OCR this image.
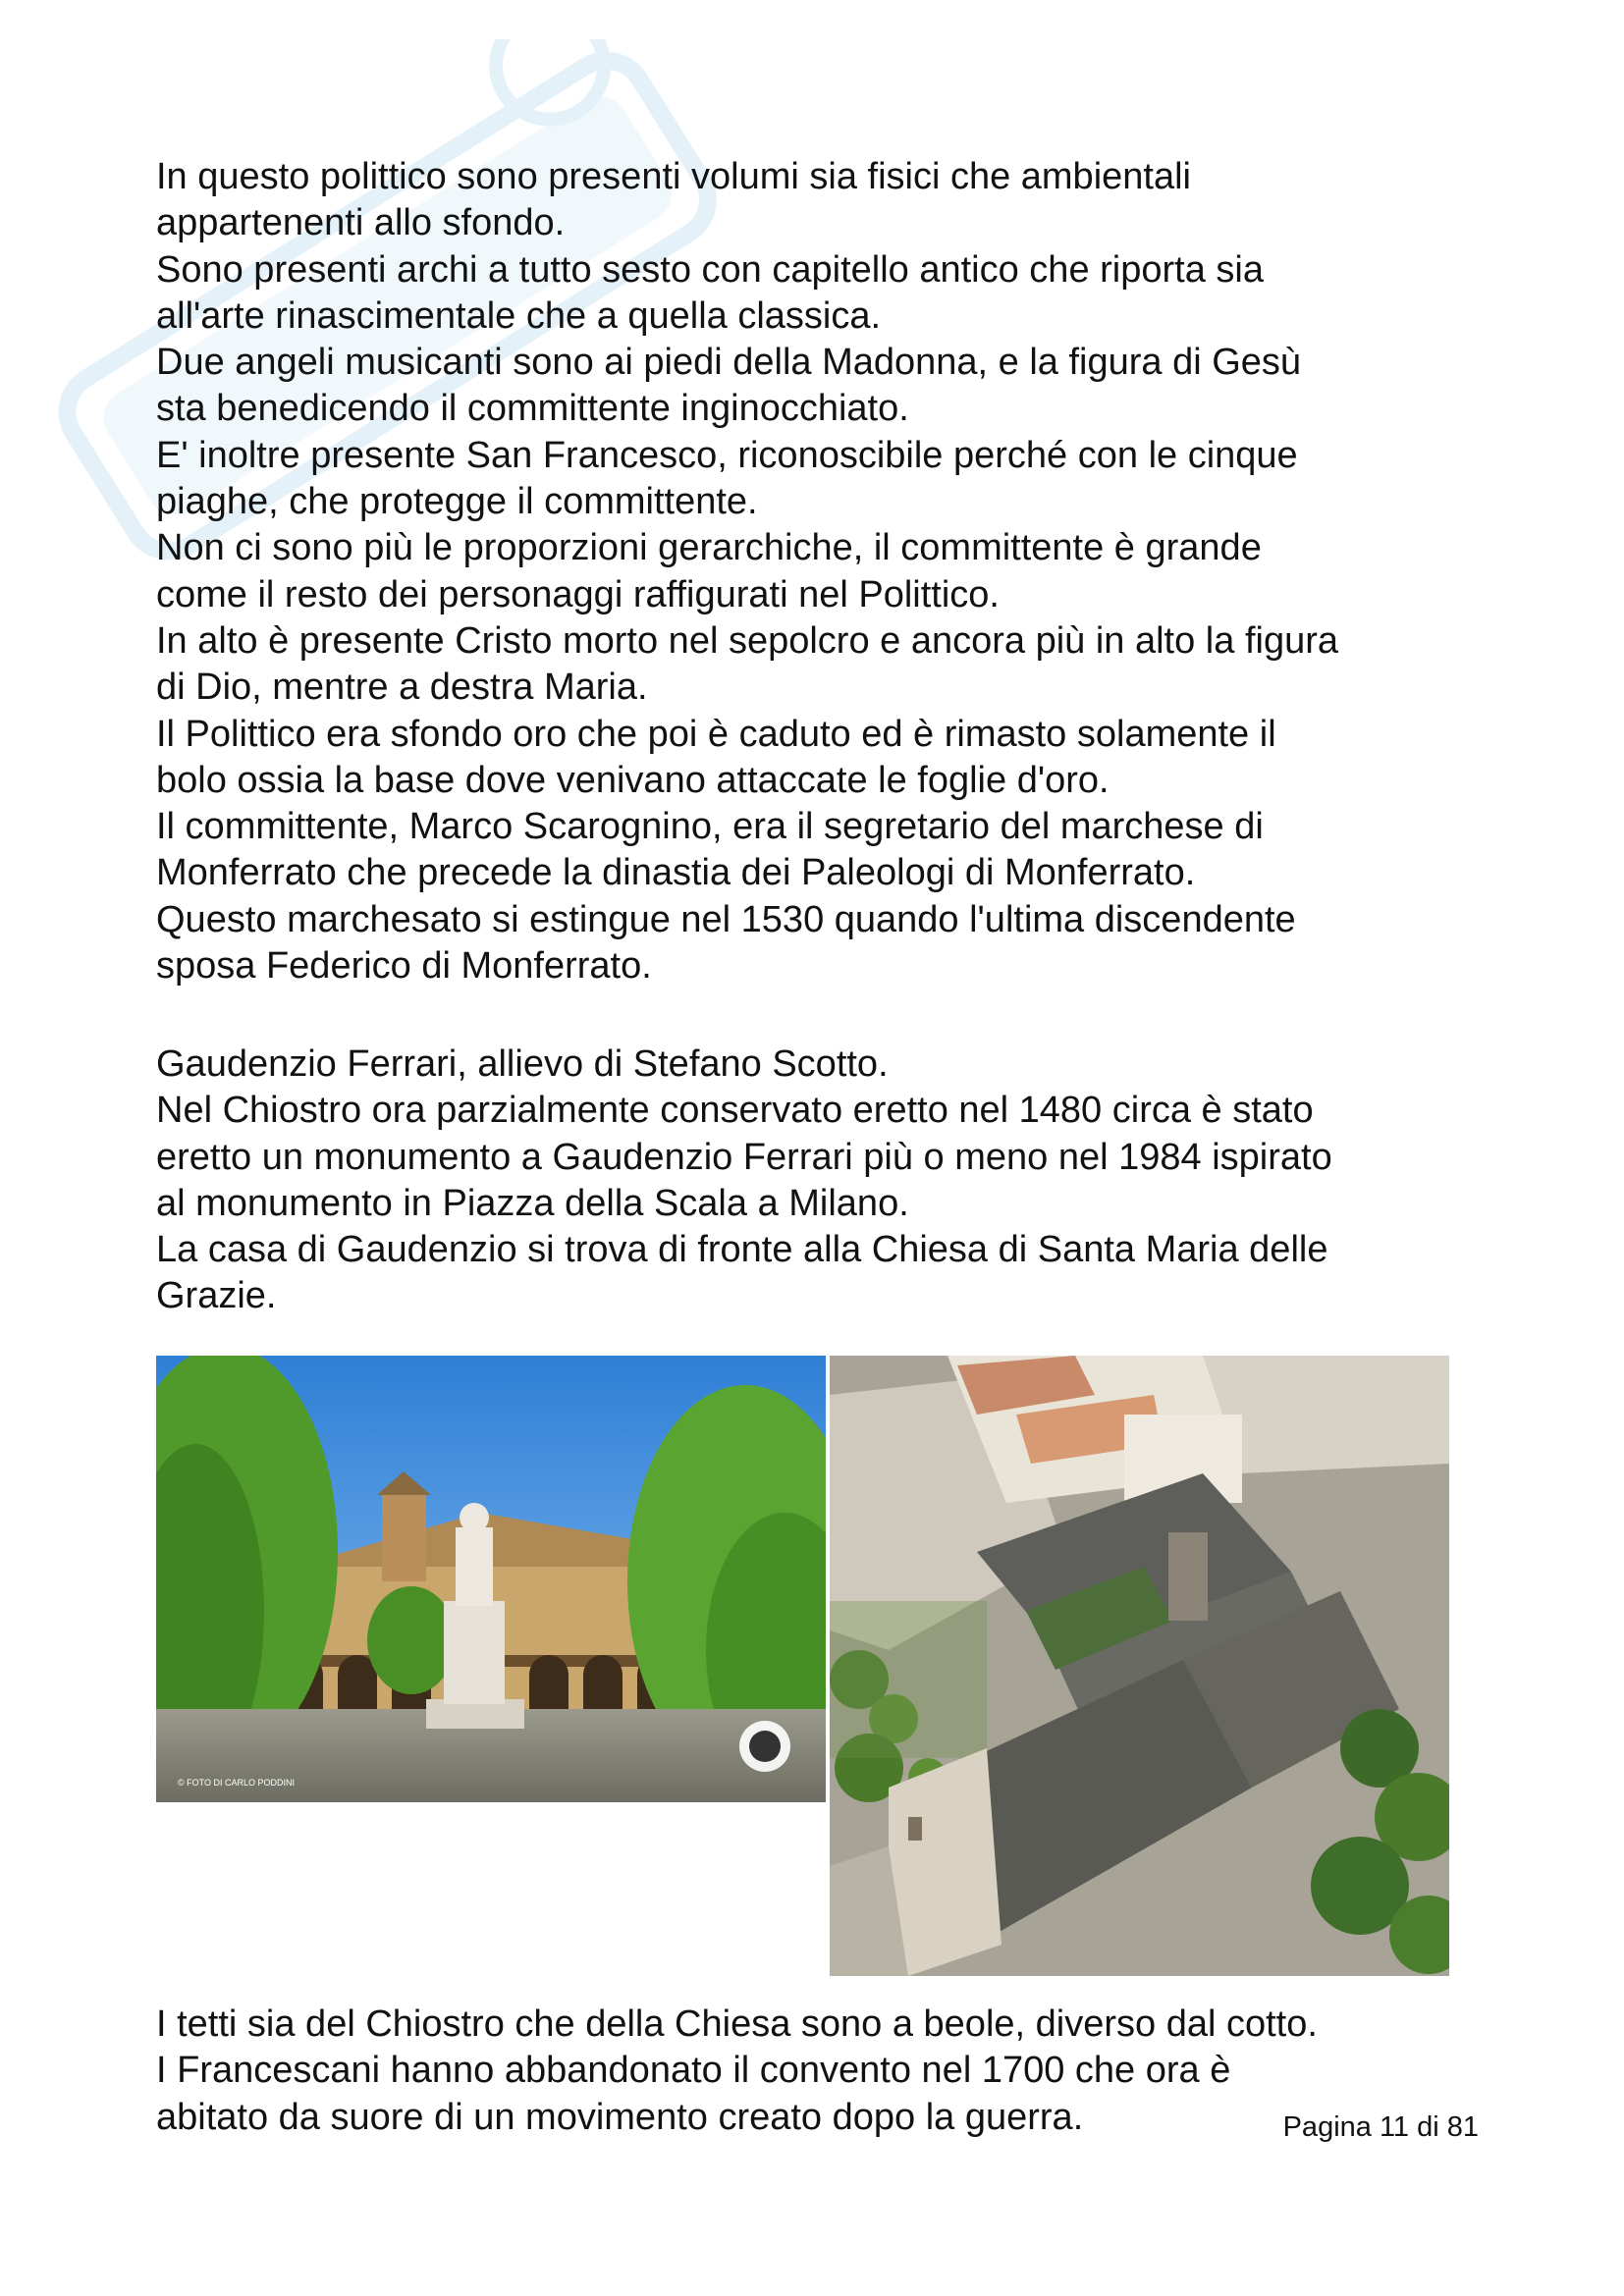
In questo polittico sono presenti volumi sia fisici che ambientali
appartenenti allo sfondo.
Sono presenti archi a tutto sesto con capitello antico che riporta sia
all'arte rinascimentale che a quella classica.
Due angeli musicanti sono ai piedi della Madonna, e la figura di Gesù
sta benedicendo il committente inginocchiato.
E' inoltre presente San Francesco, riconoscibile perché con le cinque
piaghe, che protegge il committente.
Non ci sono più le proporzioni gerarchiche, il committente è grande
come il resto dei personaggi raffigurati nel Polittico.
In alto è presente Cristo morto nel sepolcro e ancora più in alto la figura
di Dio, mentre a destra Maria.
Il Polittico era sfondo oro che poi è caduto ed è rimasto solamente il
bolo ossia la base dove venivano attaccate le foglie d'oro.
Il committente, Marco Scarognino, era il segretario del marchese di
Monferrato che precede la dinastia dei Paleologi di Monferrato.
Questo marchesato si estingue nel 1530 quando l'ultima discendente
sposa Federico di Monferrato.

Gaudenzio Ferrari, allievo di Stefano Scotto.
Nel Chiostro ora parzialmente conservato eretto nel 1480 circa è stato
eretto un monumento a Gaudenzio Ferrari più o meno nel 1984 ispirato
al monumento in Piazza della Scala a Milano.
La casa di Gaudenzio si trova di fronte alla Chiesa di Santa Maria delle
Grazie.

© FOTO DI CARLO PODDINI

I tetti sia del Chiostro che della Chiesa sono a beole, diverso dal cotto.
I Francescani hanno abbandonato il convento nel 1700 che ora è
abitato da suore di un movimento creato dopo la guerra.	Pagina 11 di 81
